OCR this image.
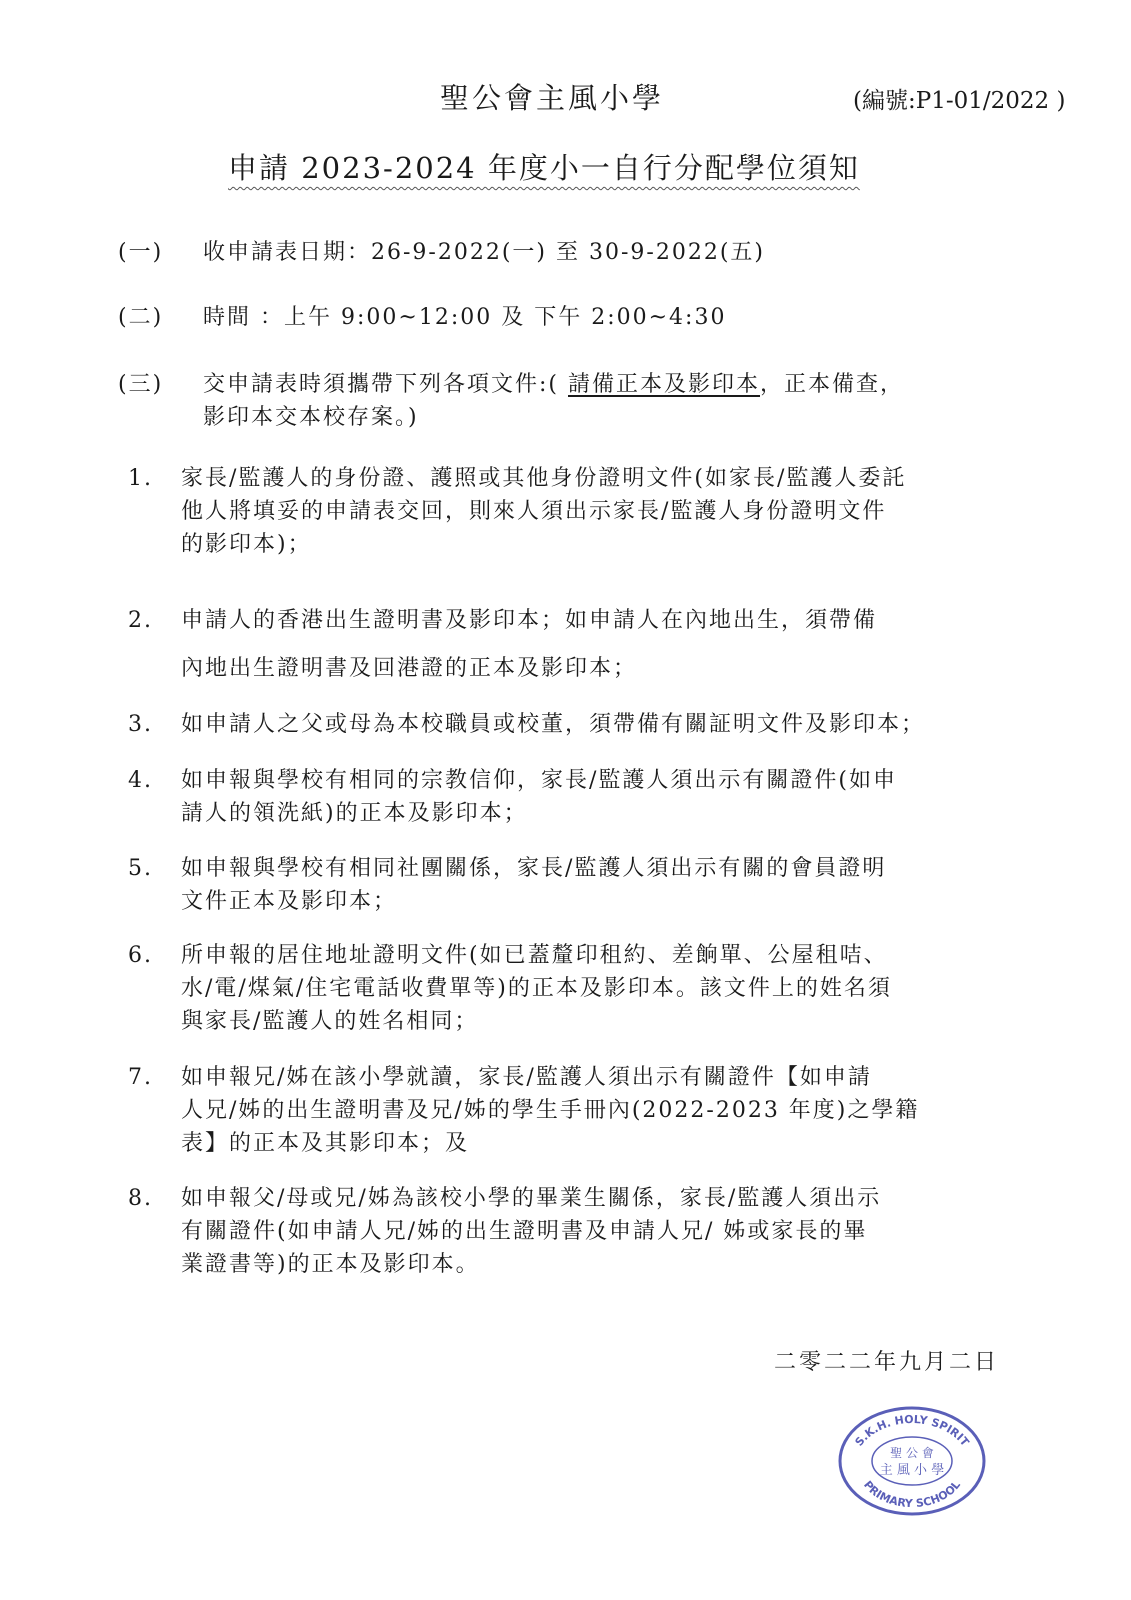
聖公會主風小學	(編號:P1-01/2022 )
申請 2023-2024 年度小一自行分配學位須知
(一)	收申請表日期：26-9-2022(一) 至 30-9-2022(五)
(二)	時間 ：上午 9:00~12:00 及 下午 2:00~4:30
(三)	交申請表時須攜帶下列各項文件:( 請備正本及影印本，正本備查，
影印本交本校存案。)
1.	家長/監護人的身份證、護照或其他身份證明文件(如家長/監護人委託
他人將填妥的申請表交回，則來人須出示家長/監護人身份證明文件
的影印本)；
2.	申請人的香港出生證明書及影印本；如申請人在內地出生，須帶備
內地出生證明書及回港證的正本及影印本；
3.	如申請人之父或母為本校職員或校董，須帶備有關証明文件及影印本；
4.	如申報與學校有相同的宗教信仰，家長/監護人須出示有關證件(如申
請人的領洗紙)的正本及影印本；
5.	如申報與學校有相同社團關係，家長/監護人須出示有關的會員證明
文件正本及影印本；
6.	所申報的居住地址證明文件(如已蓋釐印租約、差餉單、公屋租咭、
水/電/煤氣/住宅電話收費單等)的正本及影印本。該文件上的姓名須
與家長/監護人的姓名相同；
7.	如申報兄/姊在該小學就讀，家長/監護人須出示有關證件【如申請
人兄/姊的出生證明書及兄/姊的學生手冊內(2022-2023 年度)之學籍
表】的正本及其影印本；及
8.	如申報父/母或兄/姊為該校小學的畢業生關係，家長/監護人須出示
有關證件(如申請人兄/姊的出生證明書及申請人兄/ 姊或家長的畢
業證書等)的正本及影印本。
二零二二年九月二日
S.K.H. HOLY SPIRIT
PRIMARY SCHOOL
聖 公 會
主 風 小 學
